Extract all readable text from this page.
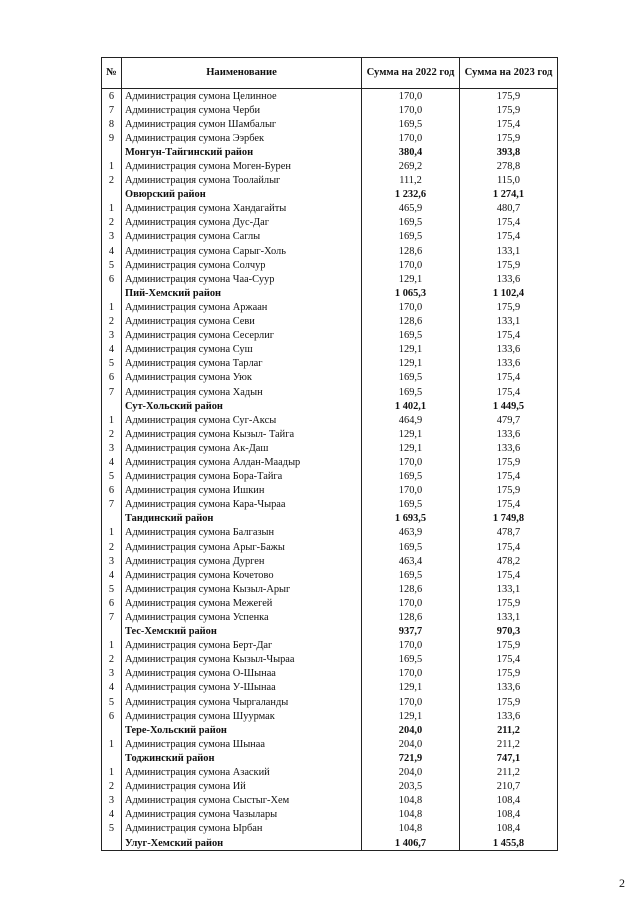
№	Наименование	Сумма на 2022 год	Сумма на 2023 год
6	Администрация сумона Целинное	170,0	175,9
7	Администрация сумона Черби	170,0	175,9
8	Администрация сумон Шамбалыг	169,5	175,4
9	Администрация сумона Ээрбек	170,0	175,9
	Монгун-Тайгинский район	380,4	393,8
1	Администрация сумона Моген-Бурен	269,2	278,8
2	Администрация сумона Тоолайлыг	111,2	115,0
	Овюрский район	1 232,6	1 274,1
1	Администрация сумона Хандагайты	465,9	480,7
2	Администрация сумона Дус-Даг	169,5	175,4
3	Администрация сумона Саглы	169,5	175,4
4	Администрация сумона Сарыг-Холь	128,6	133,1
5	Администрация сумона Солчур	170,0	175,9
6	Администрация сумона Чаа-Суур	129,1	133,6
	Пий-Хемский район	1 065,3	1 102,4
1	Администрация сумона Аржаан	170,0	175,9
2	Администрация сумона Севи	128,6	133,1
3	Администрация сумона Сесерлиг	169,5	175,4
4	Администрация сумона Суш	129,1	133,6
5	Администрация сумона Тарлаг	129,1	133,6
6	Администрация сумона Уюк	169,5	175,4
7	Администрация сумона Хадын	169,5	175,4
	Сут-Хольский район	1 402,1	1 449,5
1	Администрация сумона Суг-Аксы	464,9	479,7
2	Администрация сумона Кызыл- Тайга	129,1	133,6
3	Администрация сумона Ак-Даш	129,1	133,6
4	Администрация сумона Алдан-Маадыр	170,0	175,9
5	Администрация сумона Бора-Тайга	169,5	175,4
6	Администрация сумона Ишкин	170,0	175,9
7	Администрация сумона Кара-Чыраа	169,5	175,4
	Тандинский район	1 693,5	1 749,8
1	Администрация сумона Балгазын	463,9	478,7
2	Администрация сумона Арыг-Бажы	169,5	175,4
3	Администрация сумона Дурген	463,4	478,2
4	Администрация сумона Кочетово	169,5	175,4
5	Администрация сумона Кызыл-Арыг	128,6	133,1
6	Администрация сумона Межегей	170,0	175,9
7	Администрация сумона Успенка	128,6	133,1
	Тес-Хемский район	937,7	970,3
1	Администрация сумона Берт-Даг	170,0	175,9
2	Администрация сумона Кызыл-Чыраа	169,5	175,4
3	Администрация сумона О-Шынаа	170,0	175,9
4	Администрация сумона У-Шынаа	129,1	133,6
5	Администрация сумона Чыргаланды	170,0	175,9
6	Администрация сумона Шуурмак	129,1	133,6
	Тере-Хольский район	204,0	211,2
1	Администрация сумона Шынаа	204,0	211,2
	Тоджинский район	721,9	747,1
1	Администрация сумона Азаский	204,0	211,2
2	Администрация сумона Ий	203,5	210,7
3	Администрация сумона Сыстыг-Хем	104,8	108,4
4	Администрация сумона Чазылары	104,8	108,4
5	Администрация сумона Ырбан	104,8	108,4
	Улуг-Хемский район	1 406,7	1 455,8
2
